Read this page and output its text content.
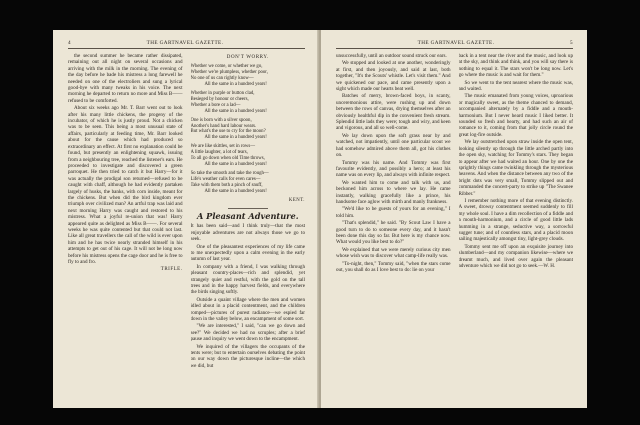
4	THE GARTNAVEL GAZETTE.

the second summer he became rather dissipated, remaining out all night on several occasions and arriving with the milk in the morning. The evening of the day before he bade his mistress a long farewell he needed on one of the electroliers and sung a lyrical good-bye with many tweaks in his voice. The next morning he departed to return no more and Miss B—— refused to be comforted.

About six weeks ago Mr. T. Barr went out to look after his many little chickens, the progeny of the incubator, of which he is justly proud. Not a chicken was to be seen. This being a most unusual state of affairs, particularly at feeding time, Mr. Barr looked about for the cause which had produced so extraordinary an effect. At first no explanation could be found, but presently an enlightening squawk, issuing from a neighbouring tree, reached the listener's ears. He proceeded to investigate and discovered a green parroquet. He then tried to catch it but Harry—for it was actually the prodigal son returned—refused to be caught with chaff, although he had evidently partaken largely of husks, the banks, with corn inside, meant for the chickens. But when did the bird kingdom ever triumph over civilized man? An artful trap was laid and next morning Harry was caught and restored to his mistress. What a joyful re-union that was! Harry appeared quite as delighted as Miss B——. For several weeks he was quite contented but that could not last. Like all great travellers the call of the wild is ever upon him and he has twice nearly stranded himself in his attempts to get out of his cage. It will not be long now before his mistress opens the cage door and he is free to fly to and fro.

TRIFLE.
DON'T WORRY.
Whether we come, or whether we go,
Whether we're plumpless, whether poor,
No one of us can rightly know—
All the same in a hundred years!
Whether in purple or button clad,
Besieged by honour or cheers,
Whether a bore or a lad—
All the same in a hundred years!
One is born with a silver spoon,
Another's hand hard labour wears.
But what's the use to cry for the moon?
All the same in a hundred years!
We are like skittles, set in rows—
A little laughter, a lot of tears,
To all go down when old Time throws,
All the same in a hundred years!
So take the smooth and take the rough—
Life's weather calls for even cares—
Take with them both a pinch of snuff,
All the same in a hundred years!
KENT.
A Pleasant Adventure.

It has been said—and I think truly—that the most enjoyable adventures are not always those we go to seek.

One of the pleasantest experiences of my life came to me unexpectedly upon a calm evening in the early autumn of last year.

In company with a friend, I was walking through pleasant country-places—rich and splendid, yet strangely quiet and restful, with the gold on the tall trees and in the happy harvest fields, and everywhere the birds singing softly.

Outside a quaint village where the men and women idled about in a placid contentment, and the children romped—pictures of purest radiance—we espied far down in the valley below, an encampment of some sort.

"We are interested," I said, "can we go down and see?" We decided we had no scruples; after a brief pause and inquiry we went down to the encampment.

We inquired of the villagers the occupants of the tents were; but to entertain ourselves debating the point on our way down the picturesque incline—the which we did, but

THE GARTNAVEL GAZETTE.	5

unsuccessfully, until an outdoor sound struck our ears.

We stopped and looked at one another, wonderingly at first, and then joyously, and said at last, both together, "It's the Scouts' whistle. Let's visit them." And we quickened our pace, and came presently upon a sight which made our hearts beat well.

Batches of merry, brown-faced boys, in scanty, unceremonious attire, were rushing up and down between the rows of canvas, drying themselves after an obviously healthful dip in the convenient fresh stream. Splendid little lads they were; tough and wiry, and keen and vigorous, and all so well-come.

We lay down upon the soft grass near by and watched, not impatiently, until one particular scout we had somehow admired above them all, got his clothes on.

Tommy was his name. And Tommy was first favourite evidently, and possibly a hero; at least his name was on every lip, and always with infinite respect.

We wanted him to come and talk with us, and beckoned him across to where we lay. He came instantly, walking gracefully like a prince, his handsome face aglow with mirth and manly frankness.

"We'd like to be guests of yours for an evening," I told him.

"That's splendid," he said. "By Scout Law I have a good turn to do to someone every day, and it hasn't been done this day so far. But here is my chance now. What would you like best to do?"

We explained that we were merely curious city men whose wish was to discover what camp-life really was.

"To-night, then," Tommy said, "when the stars come out, you shall do as I love best to do: lie on your

back in a tent near the river and the music, and look up at the sky, and think and think, and you will say there is nothing to equal it. The stars won't be long now. Let's go where the music is and wait for them."

So we went to the tent nearest where the music was, and waited.

The music emanated from young voices, uproarious or magically sweet, as the theme chanced to demand, accompanied alternately by a fiddle and a mouth-harmonium. But I never heard music I liked better. It sounded so fresh and hearty, and had such an air of romance to it, coming from that jolly circle round the great log-fire outside.

We lay outstretched upon straw inside the open tent, looking silently up through the little arched partly into the open sky, watching for Tommy's stars. They began to appear after we had waited an hour. One by one the sprightly things came twinkling through the mysterious heavens. And when the distance between any two of the bright dots was very small, Tommy slipped out and commanded the concert-party to strike up "The Swanee Ribber."

I remember nothing more of that evening distinctly. A sweet, drowsy contentment seemed suddenly to fill my whole soul. I have a dim recollection of a fiddle and a mouth-harmonium, and a circle of good little lads humming in a strange, seductive way, a sorrowful sugger tune; and of countless stars, and a placid moon sailing majestically amongst tiny, light-grey clouds.

Tommy sent me off upon an exquisite journey into slumberland—and my companion likewise—where we dreamt much, and lived over again the pleasant adventure which we did not go to seek.—W. H.
